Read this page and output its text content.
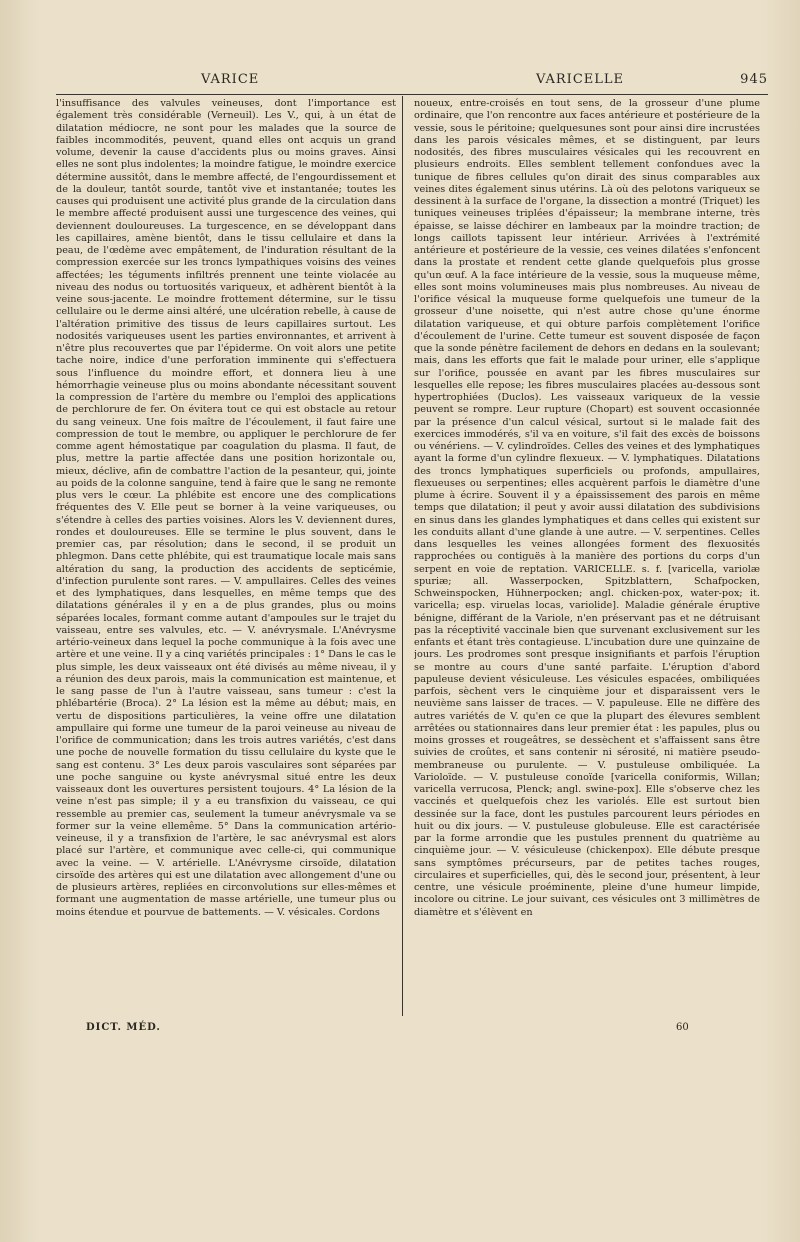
VARICE	VARICELLE	945

l'insuffisance des valvules veineuses, dont l'importance est également très considérable (Verneuil). Les V., qui, à un état de dilatation médiocre, ne sont pour les malades que la source de faibles incommodités, peuvent, quand elles ont acquis un grand volume, devenir la cause d'accidents plus ou moins graves. Ainsi elles ne sont plus indolentes; la moindre fatigue, le moindre exercice détermine aussitôt, dans le membre affecté, de l'engourdissement et de la douleur, tantôt sourde, tantôt vive et instantanée; toutes les causes qui produisent une activité plus grande de la circulation dans le membre affecté produisent aussi une turgescence des veines, qui deviennent douloureuses. La turgescence, en se développant dans les capillaires, amène bientôt, dans le tissu cellulaire et dans la peau, de l'œdème avec empâtement, de l'induration résultant de la compression exercée sur les troncs lympathiques voisins des veines affectées; les téguments infiltrés prennent une teinte violacée au niveau des nodus ou tortuosités variqueux, et adhèrent bientôt à la veine sous-jacente. Le moindre frottement détermine, sur le tissu cellulaire ou le derme ainsi altéré, une ulcération rebelle, à cause de l'altération primitive des tissus de leurs capillaires surtout. Les nodosités variqueuses usent les parties environnantes, et arrivent à n'être plus recouvertes que par l'épiderme. On voit alors une petite tache noire, indice d'une perforation imminente qui s'effectuera sous l'influence du moindre effort, et donnera lieu à une hémorrhagie veineuse plus ou moins abondante nécessitant souvent la compression de l'artère du membre ou l'emploi des applications de perchlorure de fer. On évitera tout ce qui est obstacle au retour du sang veineux. Une fois maître de l'écoulement, il faut faire une compression de tout le membre, ou appliquer le perchlorure de fer comme agent hémostatique par coagulation du plasma. Il faut, de plus, mettre la partie affectée dans une position horizontale ou, mieux, déclive, afin de combattre l'action de la pesanteur, qui, jointe au poids de la colonne sanguine, tend à faire que le sang ne remonte plus vers le cœur. La phlébite est encore une des complications fréquentes des V. Elle peut se borner à la veine variqueuses, ou s'étendre à celles des parties voisines. Alors les V. deviennent dures, rondes et douloureuses. Elle se termine le plus souvent, dans le premier cas, par résolution; dans le second, il se produit un phlegmon. Dans cette phlébite, qui est traumatique locale mais sans altération du sang, la production des accidents de septicémie, d'infection purulente sont rares. — V. ampullaires. Celles des veines et des lymphatiques, dans lesquelles, en même temps que des dilatations générales il y en a de plus grandes, plus ou moins séparées locales, formant comme autant d'ampoules sur le trajet du vaisseau, entre ses valvules, etc. — V. anévrysmale. L'Anévrysme artério-veineux dans lequel la poche communique à la fois avec une artère et une veine. Il y a cinq variétés principales : 1° Dans le cas le plus simple, les deux vaisseaux ont été divisés au même niveau, il y a réunion des deux parois, mais la communication est maintenue, et le sang passe de l'un à l'autre vaisseau, sans tumeur : c'est la phlébartérie (Broca). 2° La lésion est la même au début; mais, en vertu de dispositions particulières, la veine offre une dilatation ampullaire qui forme une tumeur de la paroi veineuse au niveau de l'orifice de communication; dans les trois autres variétés, c'est dans une poche de nouvelle formation du tissu cellulaire du kyste que le sang est contenu. 3° Les deux parois vasculaires sont séparées par une poche sanguine ou kyste anévrysmal situé entre les deux vaisseaux dont les ouvertures persistent toujours. 4° La lésion de la veine n'est pas simple; il y a eu transfixion du vaisseau, ce qui ressemble au premier cas, seulement la tumeur anévrysmale va se former sur la veine ellemême. 5° Dans la communication artério-veineuse, il y a transfixion de l'artère, le sac anévrysmal est alors placé sur l'artère, et communique avec celle-ci, qui communique avec la veine. — V. artérielle. L'Anévrysme cirsoïde, dilatation cirsoïde des artères qui est une dilatation avec allongement d'une ou de plusieurs artères, repliées en circonvolutions sur elles-mêmes et formant une augmentation de masse artérielle, une tumeur plus ou moins étendue et pourvue de battements. — V. vésicales. Cordons

noueux, entre-croisés en tout sens, de la grosseur d'une plume ordinaire, que l'on rencontre aux faces antérieure et postérieure de la vessie, sous le péritoine; quelquesunes sont pour ainsi dire incrustées dans les parois vésicales mêmes, et se distinguent, par leurs nodosités, des fibres musculaires vésicales qui les recouvrent en plusieurs endroits. Elles semblent tellement confondues avec la tunique de fibres cellules qu'on dirait des sinus comparables aux veines dites également sinus utérins. Là où des pelotons variqueux se dessinent à la surface de l'organe, la dissection a montré (Triquet) les tuniques veineuses triplées d'épaisseur; la membrane interne, très épaisse, se laisse déchirer en lambeaux par la moindre traction; de longs caillots tapissent leur intérieur. Arrivées à l'extrémité antérieure et postérieure de la vessie, ces veines dilatées s'enfoncent dans la prostate et rendent cette glande quelquefois plus grosse qu'un œuf. A la face intérieure de la vessie, sous la muqueuse même, elles sont moins volumineuses mais plus nombreuses. Au niveau de l'orifice vésical la muqueuse forme quelquefois une tumeur de la grosseur d'une noisette, qui n'est autre chose qu'une énorme dilatation variqueuse, et qui obture parfois complètement l'orifice d'écoulement de l'urine. Cette tumeur est souvent disposée de façon que la sonde pénètre facilement de dehors en dedans en la soulevant; mais, dans les efforts que fait le malade pour uriner, elle s'applique sur l'orifice, poussée en avant par les fibres musculaires sur lesquelles elle repose; les fibres musculaires placées au-dessous sont hypertrophiées (Duclos). Les vaisseaux variqueux de la vessie peuvent se rompre. Leur rupture (Chopart) est souvent occasionnée par la présence d'un calcul vésical, surtout si le malade fait des exercices immodérés, s'il va en voiture, s'il fait des excès de boissons ou vénériens. — V. cylindroïdes. Celles des veines et des lymphatiques ayant la forme d'un cylindre flexueux. — V. lymphatiques. Dilatations des troncs lymphatiques superficiels ou profonds, ampullaires, flexueuses ou serpentines; elles acquèrent parfois le diamètre d'une plume à écrire. Souvent il y a épaississement des parois en même temps que dilatation; il peut y avoir aussi dilatation des subdivisions en sinus dans les glandes lymphatiques et dans celles qui existent sur les conduits allant d'une glande à une autre. — V. serpentines. Celles dans lesquelles les veines allongées forment des flexuosités rapprochées ou contiguës à la manière des portions du corps d'un serpent en voie de reptation. VARICELLE. s. f. [varicella, variolæ spuriæ; all. Wasserpocken, Spitzblattern, Schafpocken, Schweinspocken, Hühnerpocken; angl. chicken-pox, water-pox; it. varicella; esp. viruelas locas, variolide]. Maladie générale éruptive bénigne, différant de la Variole, n'en préservant pas et ne détruisant pas la réceptivité vaccinale bien que survenant exclusivement sur les enfants et étant très contagieuse. L'incubation dure une quinzaine de jours. Les prodromes sont presque insignifiants et parfois l'éruption se montre au cours d'une santé parfaite. L'éruption d'abord papuleuse devient vésiculeuse. Les vésicules espacées, ombiliquées parfois, sèchent vers le cinquième jour et disparaissent vers le neuvième sans laisser de traces. — V. papuleuse. Elle ne diffère des autres variétés de V. qu'en ce que la plupart des élevures semblent arrêtées ou stationnaires dans leur premier état : les papules, plus ou moins grosses et rougeâtres, se dessèchent et s'affaissent sans être suivies de croûtes, et sans contenir ni sérosité, ni matière pseudo-membraneuse ou purulente. — V. pustuleuse ombiliquée. La Varioloïde. — V. pustuleuse conoïde [varicella coniformis, Willan; varicella verrucosa, Plenck; angl. swine-pox]. Elle s'observe chez les vaccinés et quelquefois chez les variolés. Elle est surtout bien dessinée sur la face, dont les pustules parcourent leurs périodes en huit ou dix jours. — V. pustuleuse globuleuse. Elle est caractérisée par la forme arrondie que les pustules prennent du quatrième au cinquième jour. — V. vésiculeuse (chickenpox). Elle débute presque sans symptômes précurseurs, par de petites taches rouges, circulaires et superficielles, qui, dès le second jour, présentent, à leur centre, une vésicule proéminente, pleine d'une humeur limpide, incolore ou citrine. Le jour suivant, ces vésicules ont 3 millimètres de diamètre et s'élèvent en

DICT. MÉD.	60
